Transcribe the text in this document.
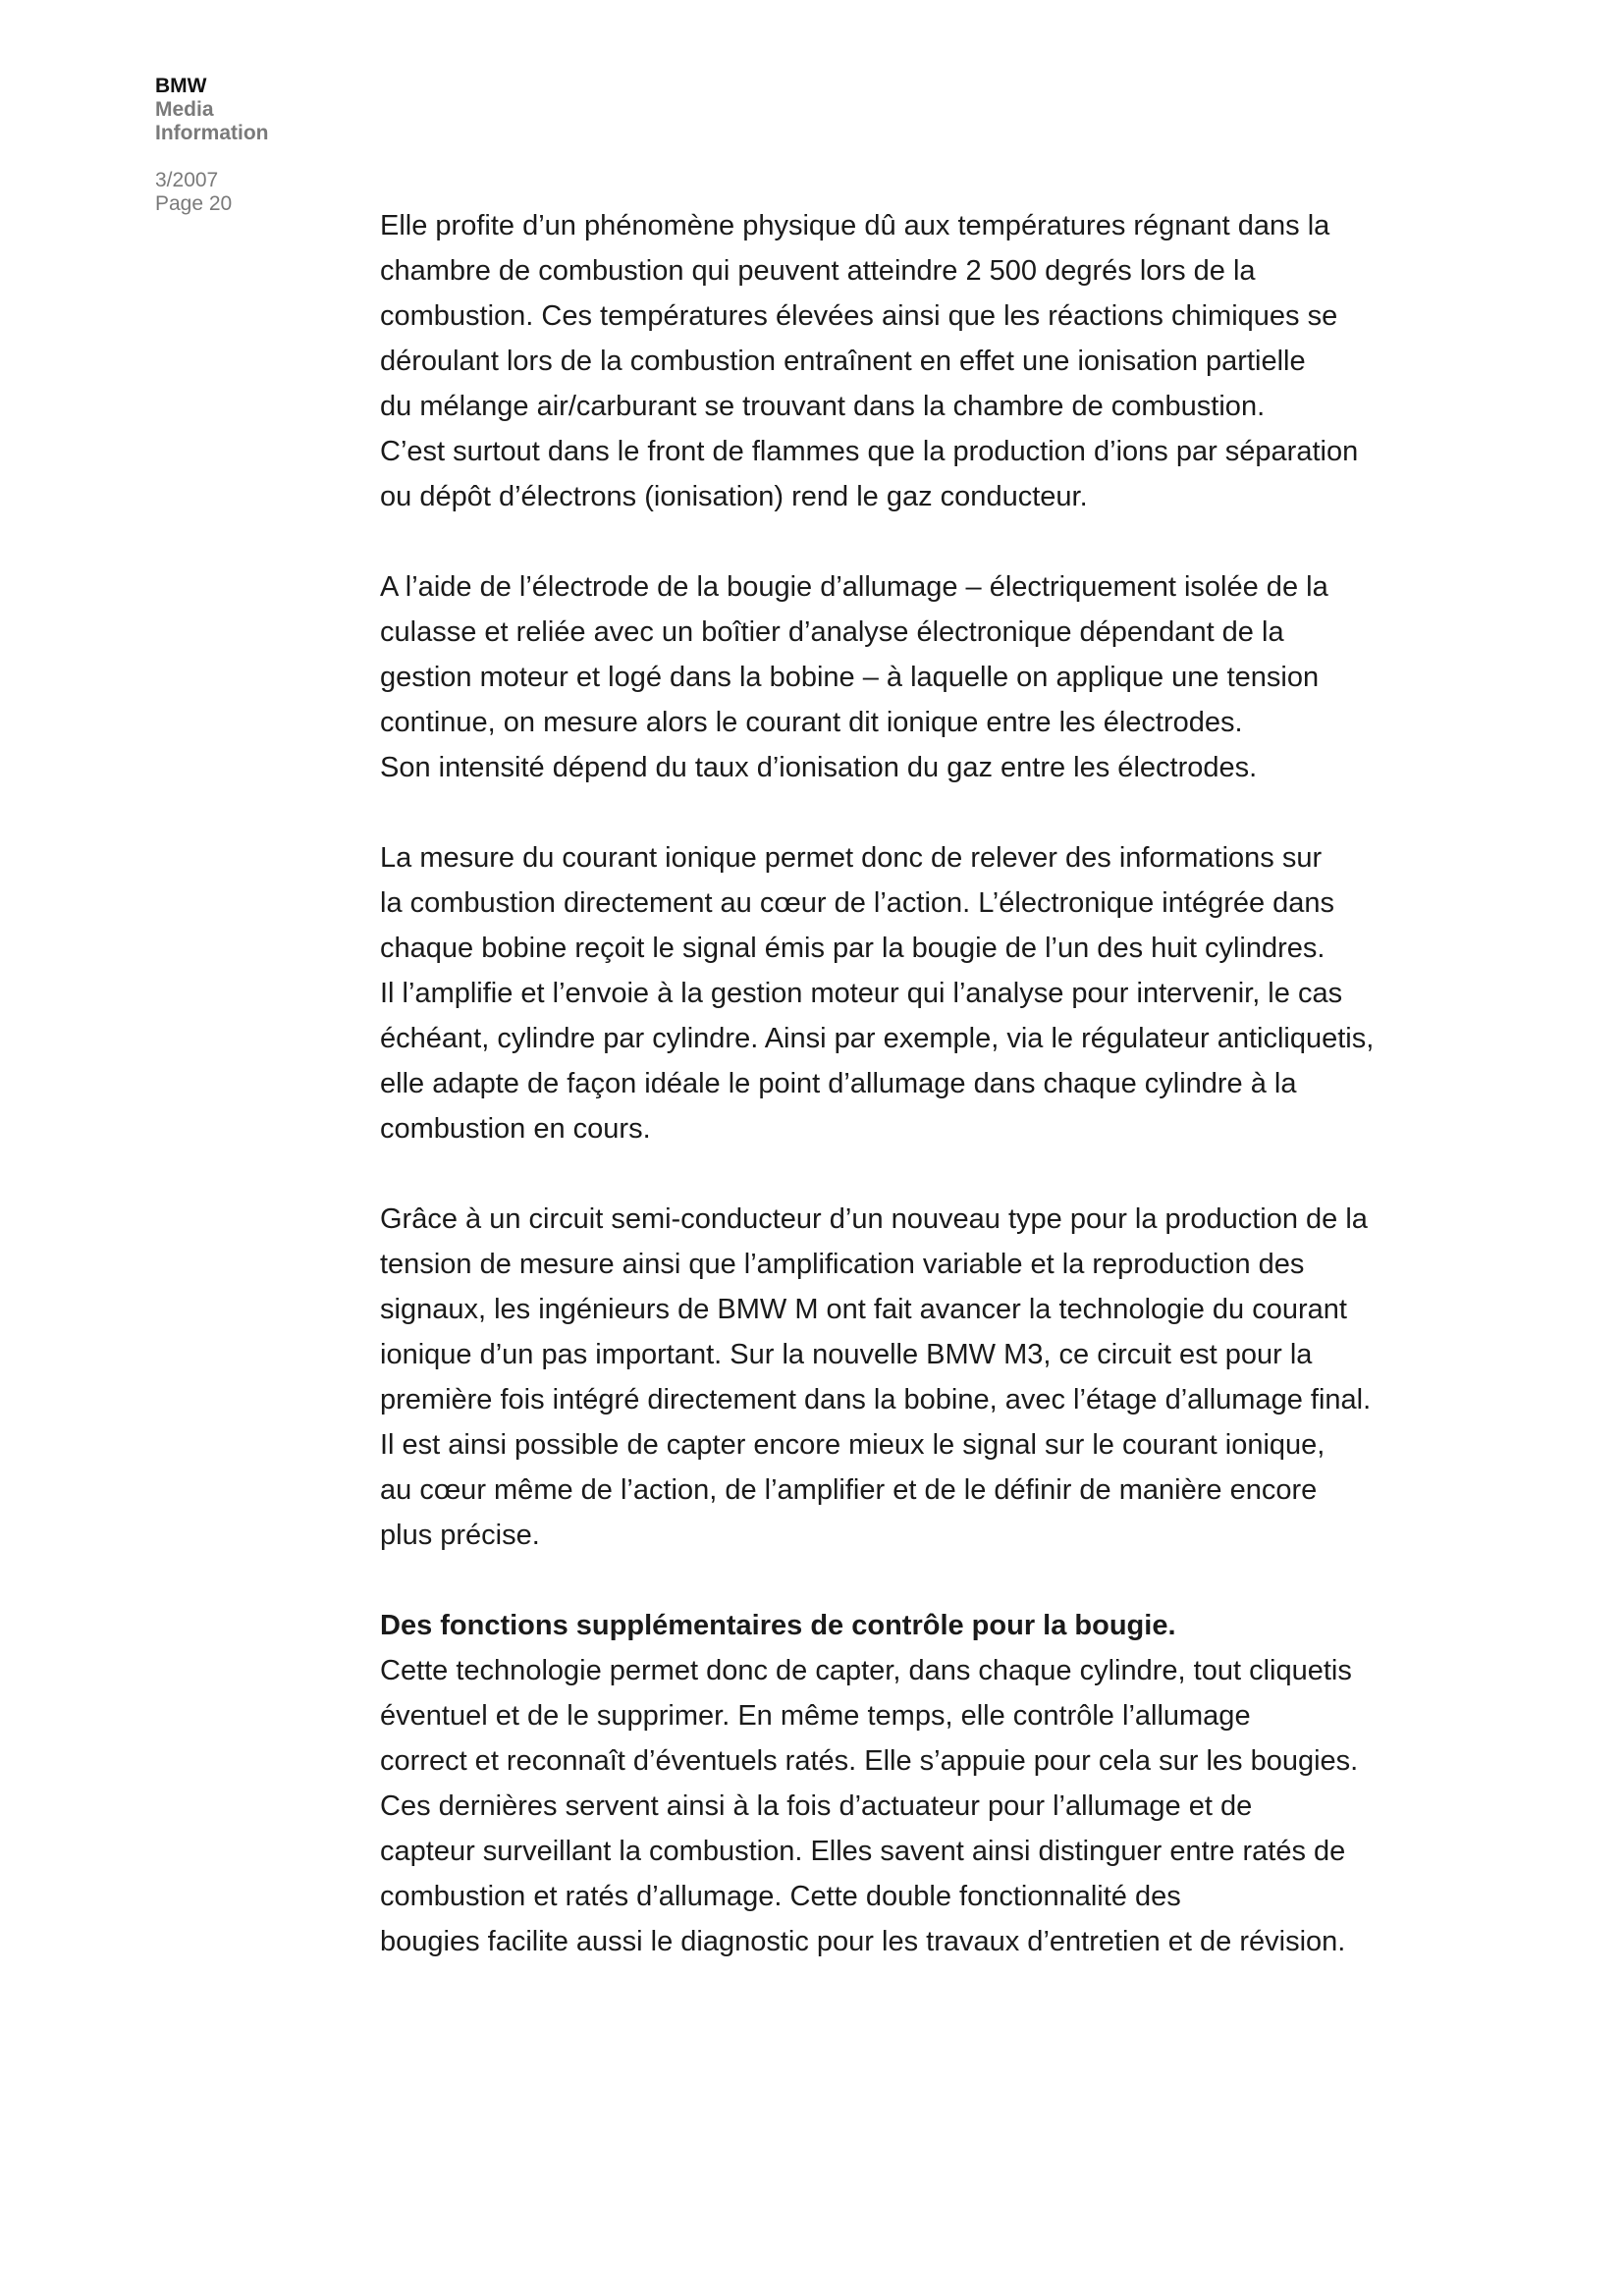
BMW
Media
Information
3/2007
Page 20

Elle profite d’un phénomène physique dû aux températures régnant dans la
chambre de combustion qui peuvent atteindre 2 500 degrés lors de la
combustion. Ces températures élevées ainsi que les réactions chimiques se
déroulant lors de la combustion entraînent en effet une ionisation partielle
du mélange air/carburant se trouvant dans la chambre de combustion.
C’est surtout dans le front de flammes que la production d’ions par séparation
ou dépôt d’électrons (ionisation) rend le gaz conducteur.

A l’aide de l’électrode de la bougie d’allumage – électriquement isolée de la
culasse et reliée avec un boîtier d’analyse électronique dépendant de la
gestion moteur et logé dans la bobine – à laquelle on applique une tension
continue, on mesure alors le courant dit ionique entre les électrodes.
Son intensité dépend du taux d’ionisation du gaz entre les électrodes.

La mesure du courant ionique permet donc de relever des informations sur
la combustion directement au cœur de l’action. L’électronique intégrée dans
chaque bobine reçoit le signal émis par la bougie de l’un des huit cylindres.
Il l’amplifie et l’envoie à la gestion moteur qui l’analyse pour intervenir, le cas
échéant, cylindre par cylindre. Ainsi par exemple, via le régulateur anticliquetis,
elle adapte de façon idéale le point d’allumage dans chaque cylindre à la
combustion en cours.

Grâce à un circuit semi-conducteur d’un nouveau type pour la production de la
tension de mesure ainsi que l’amplification variable et la reproduction des
signaux, les ingénieurs de BMW M ont fait avancer la technologie du courant
ionique d’un pas important. Sur la nouvelle BMW M3, ce circuit est pour la
première fois intégré directement dans la bobine, avec l’étage d’allumage final.
Il est ainsi possible de capter encore mieux le signal sur le courant ionique,
au cœur même de l’action, de l’amplifier et de le définir de manière encore
plus précise.

Des fonctions supplémentaires de contrôle pour la bougie.
Cette technologie permet donc de capter, dans chaque cylindre, tout cliquetis
éventuel et de le supprimer. En même temps, elle contrôle l’allumage
correct et reconnaît d’éventuels ratés. Elle s’appuie pour cela sur les bougies.
Ces dernières servent ainsi à la fois d’actuateur pour l’allumage et de
capteur surveillant la combustion. Elles savent ainsi distinguer entre ratés de
combustion et ratés d’allumage. Cette double fonctionnalité des
bougies facilite aussi le diagnostic pour les travaux d’entretien et de révision.
